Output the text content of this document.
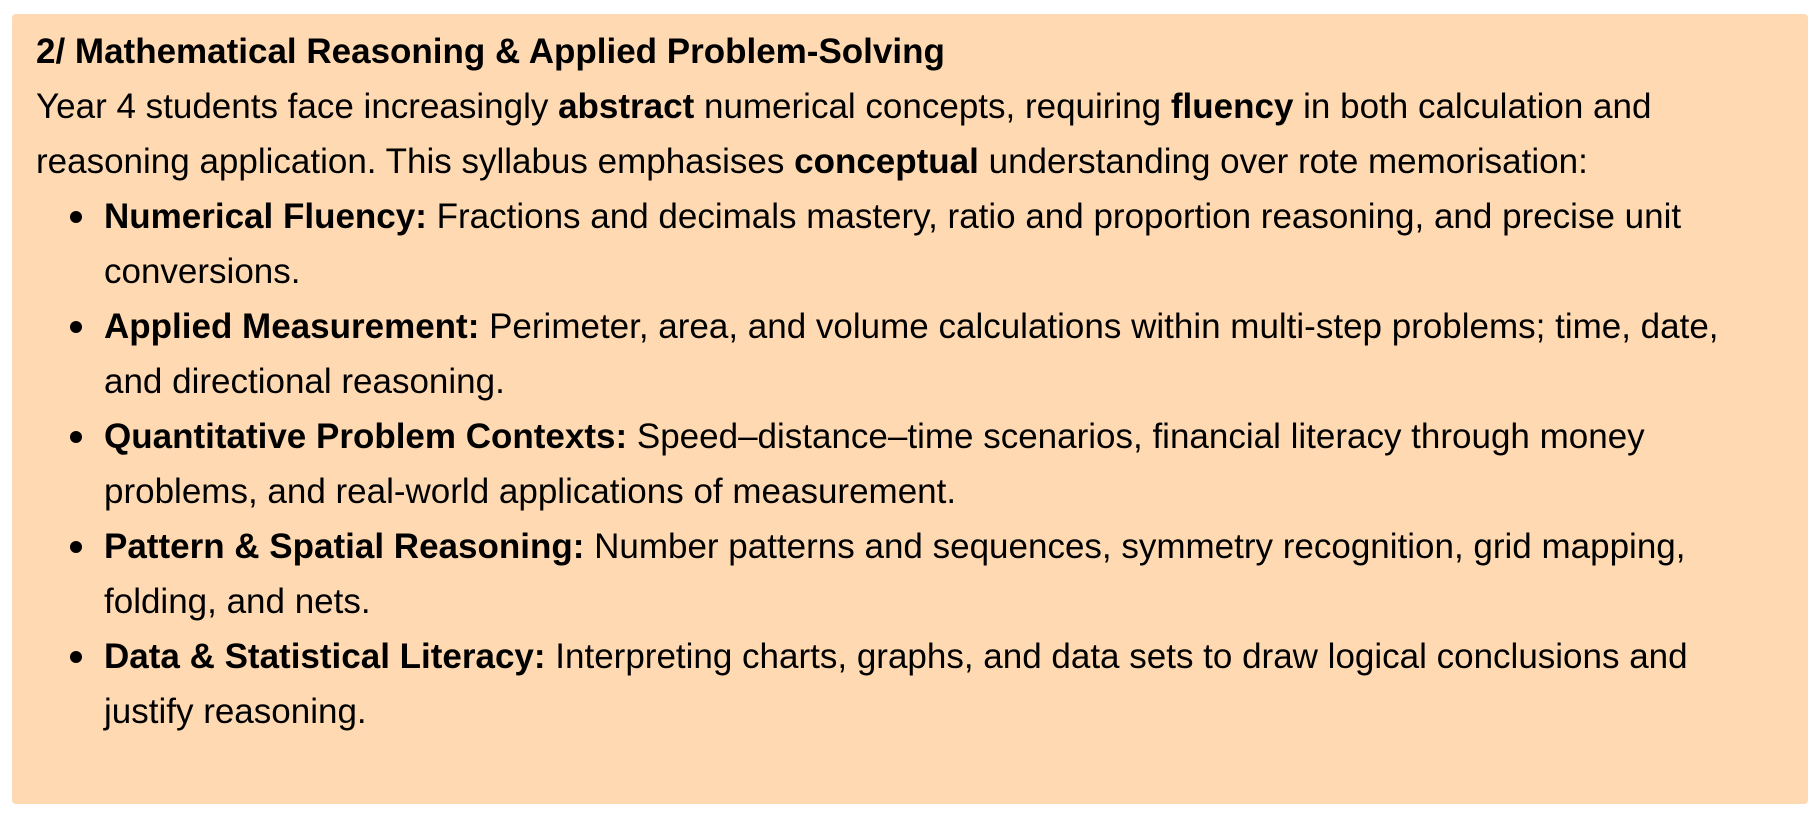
2/ Mathematical Reasoning & Applied Problem-Solving

Year 4 students face increasingly abstract numerical concepts, requiring fluency in both calculation and reasoning application. This syllabus emphasises conceptual understanding over rote memorisation:

Numerical Fluency: Fractions and decimals mastery, ratio and proportion reasoning, and precise unit conversions.
Applied Measurement: Perimeter, area, and volume calculations within multi-step problems; time, date, and directional reasoning.
Quantitative Problem Contexts: Speed–distance–time scenarios, financial literacy through money problems, and real-world applications of measurement.
Pattern & Spatial Reasoning: Number patterns and sequences, symmetry recognition, grid mapping, folding, and nets.
Data & Statistical Literacy: Interpreting charts, graphs, and data sets to draw logical conclusions and justify reasoning.
